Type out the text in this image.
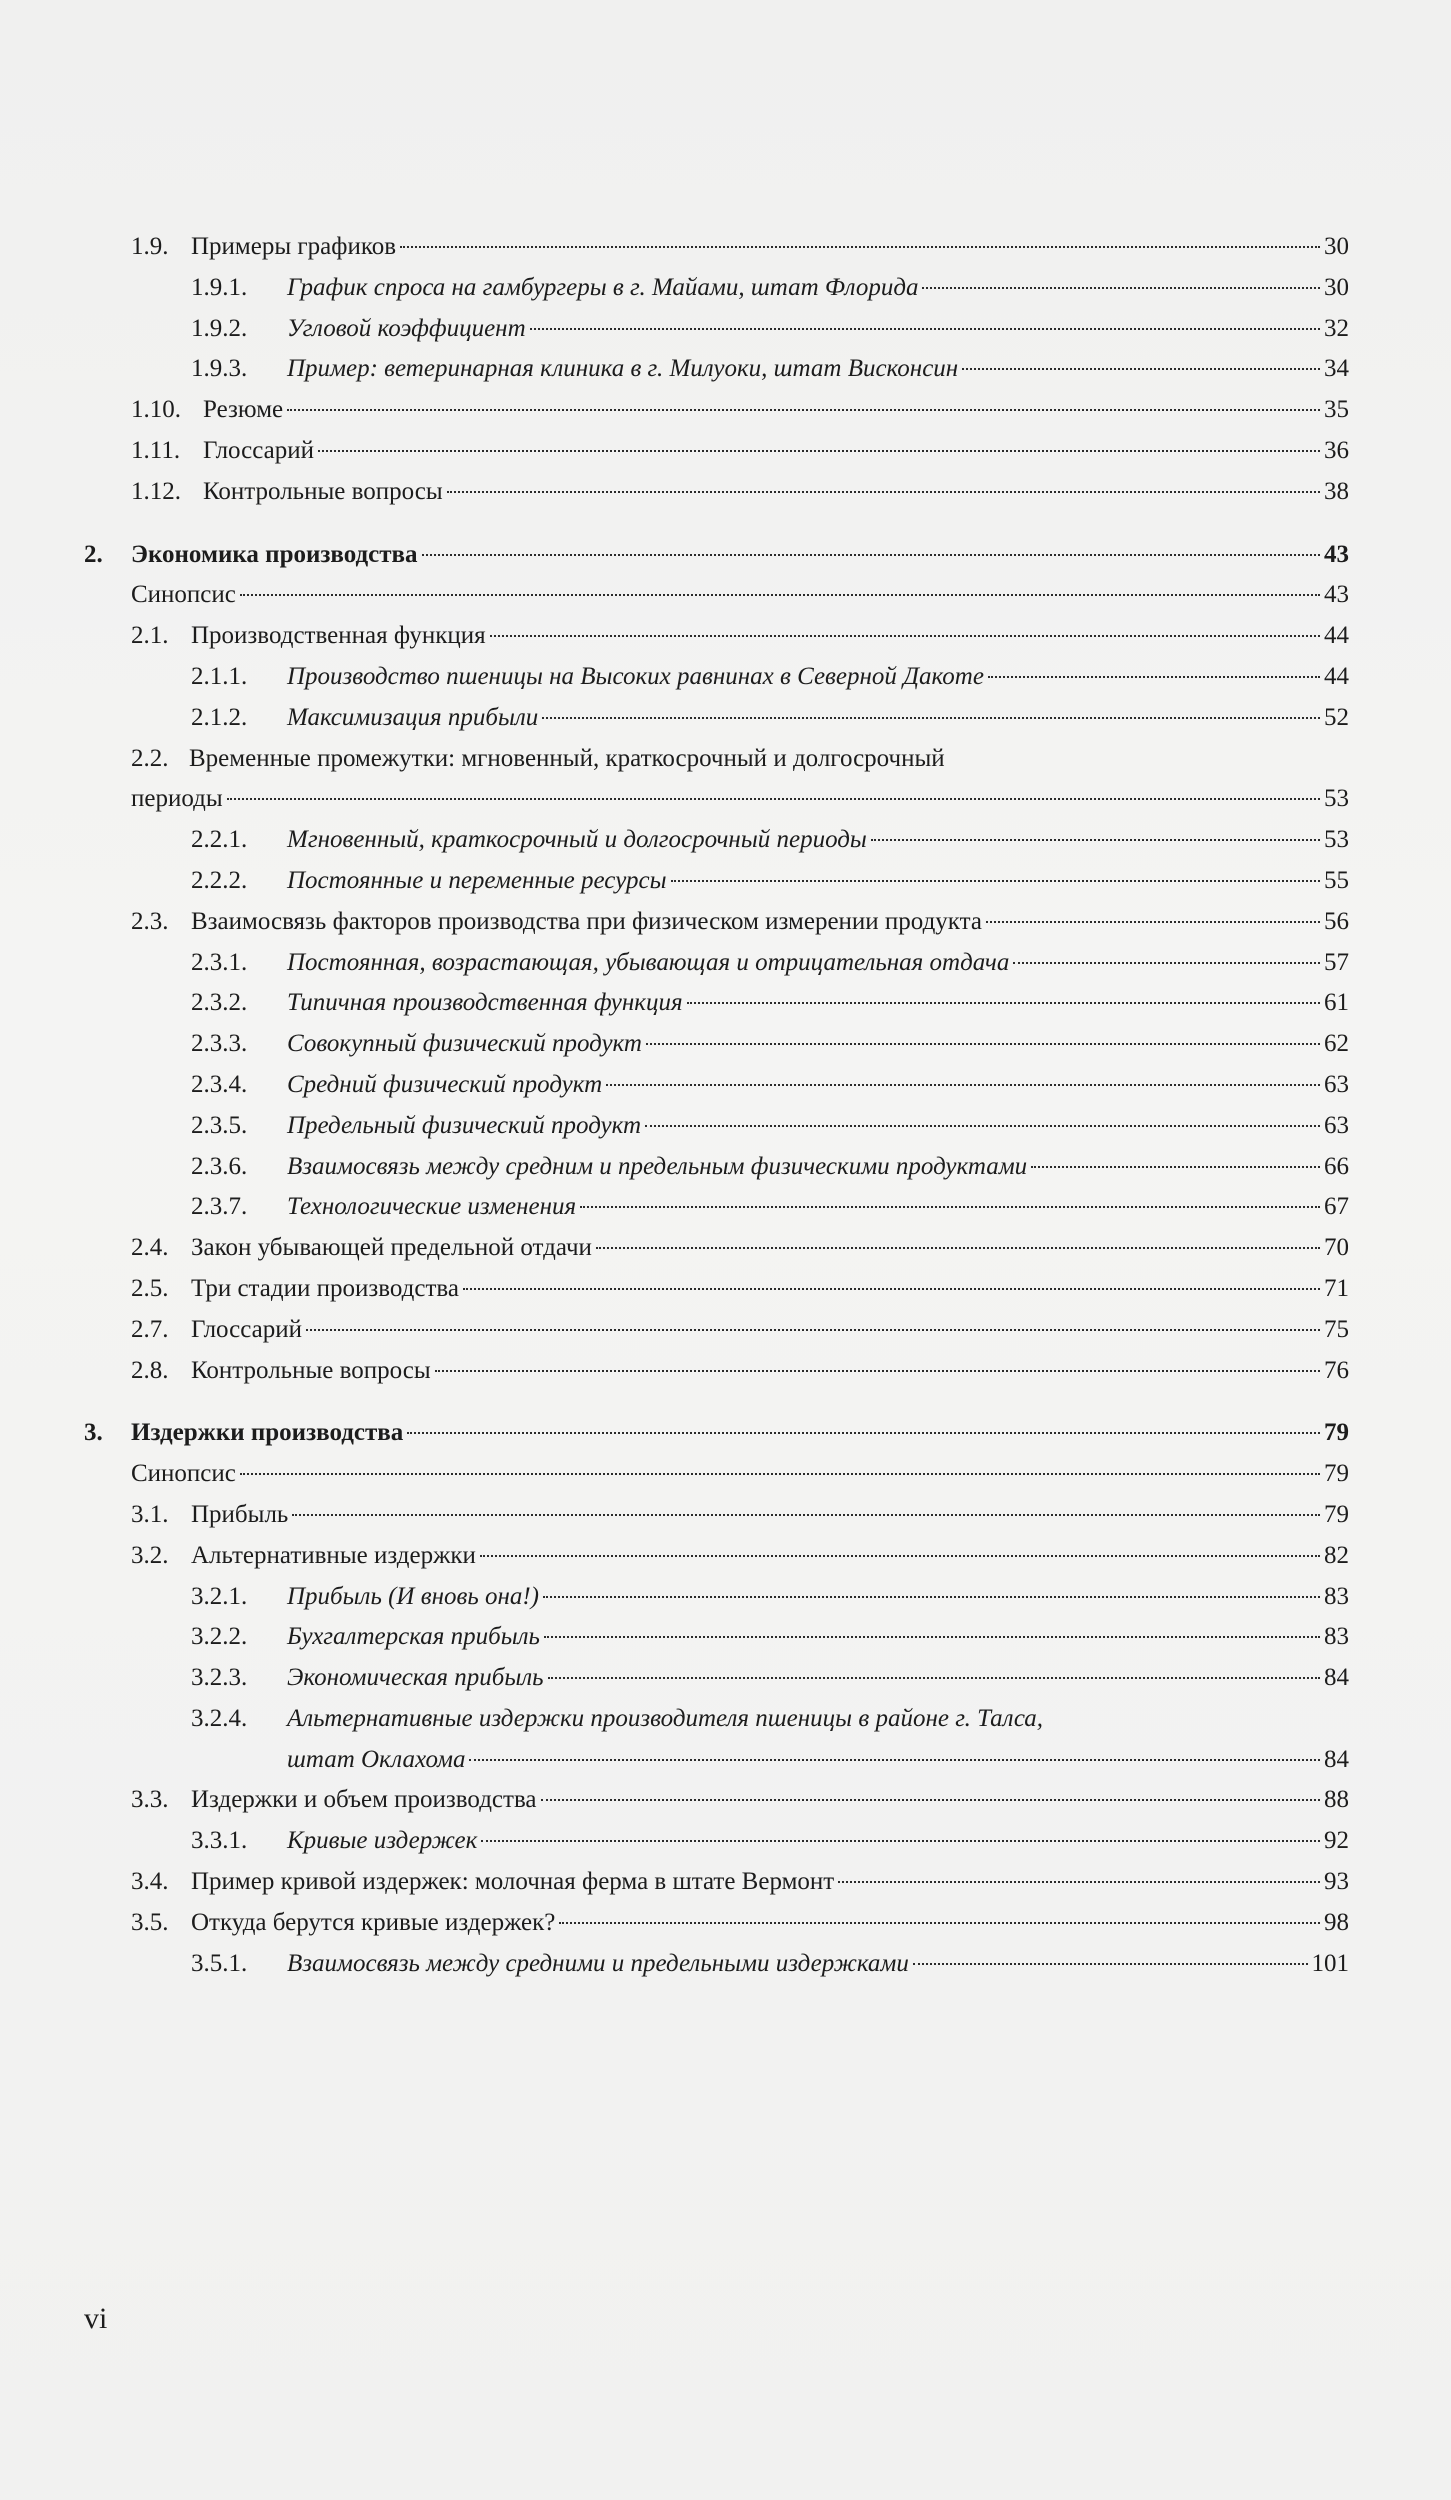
1.9. Примеры графиков	30
1.9.1.	График спроса на гамбургеры в г. Майами, штат Флорида	30
1.9.2.	Угловой коэффициент	32
1.9.3.	Пример: ветеринарная клиника в г. Милуоки, штат Висконсин	34
1.10. Резюме	35
1.11. Глоссарий	36
1.12. Контрольные вопросы	38
2.	Экономика производства	43
Синопсис	43
2.1. Производственная функция	44
2.1.1.	Производство пшеницы на Высоких равнинах в Северной Дакоте	44
2.1.2.	Максимизация прибыли	52
2.2. Временные промежутки: мгновенный, краткосрочный и долгосрочный
периоды	53
2.2.1.	Мгновенный, краткосрочный и долгосрочный периоды	53
2.2.2.	Постоянные и переменные ресурсы	55
2.3. Взаимосвязь факторов производства при физическом измерении продукта	56
2.3.1.	Постоянная, возрастающая, убывающая и отрицательная отдача	57
2.3.2.	Типичная производственная функция	61
2.3.3.	Совокупный физический продукт	62
2.3.4.	Средний физический продукт	63
2.3.5.	Предельный физический продукт	63
2.3.6.	Взаимосвязь между средним и предельным физическими продуктами	66
2.3.7.	Технологические изменения	67
2.4. Закон убывающей предельной отдачи	70
2.5. Три стадии производства	71
2.7. Глоссарий	75
2.8. Контрольные вопросы	76
3.	Издержки производства	79
Синопсис	79
3.1. Прибыль	79
3.2. Альтернативные издержки	82
3.2.1.	Прибыль (И вновь она!)	83
3.2.2.	Бухгалтерская прибыль	83
3.2.3.	Экономическая прибыль	84
3.2.4. Альтернативные издержки производителя пшеницы в районе г. Талса,
штат Оклахома	84
3.3. Издержки и объем производства	88
3.3.1.	Кривые издержек	92
3.4. Пример кривой издержек: молочная ферма в штате Вермонт	93
3.5. Откуда берутся кривые издержек?	98
3.5.1.	Взаимосвязь между средними и предельными издержками	101
vi
